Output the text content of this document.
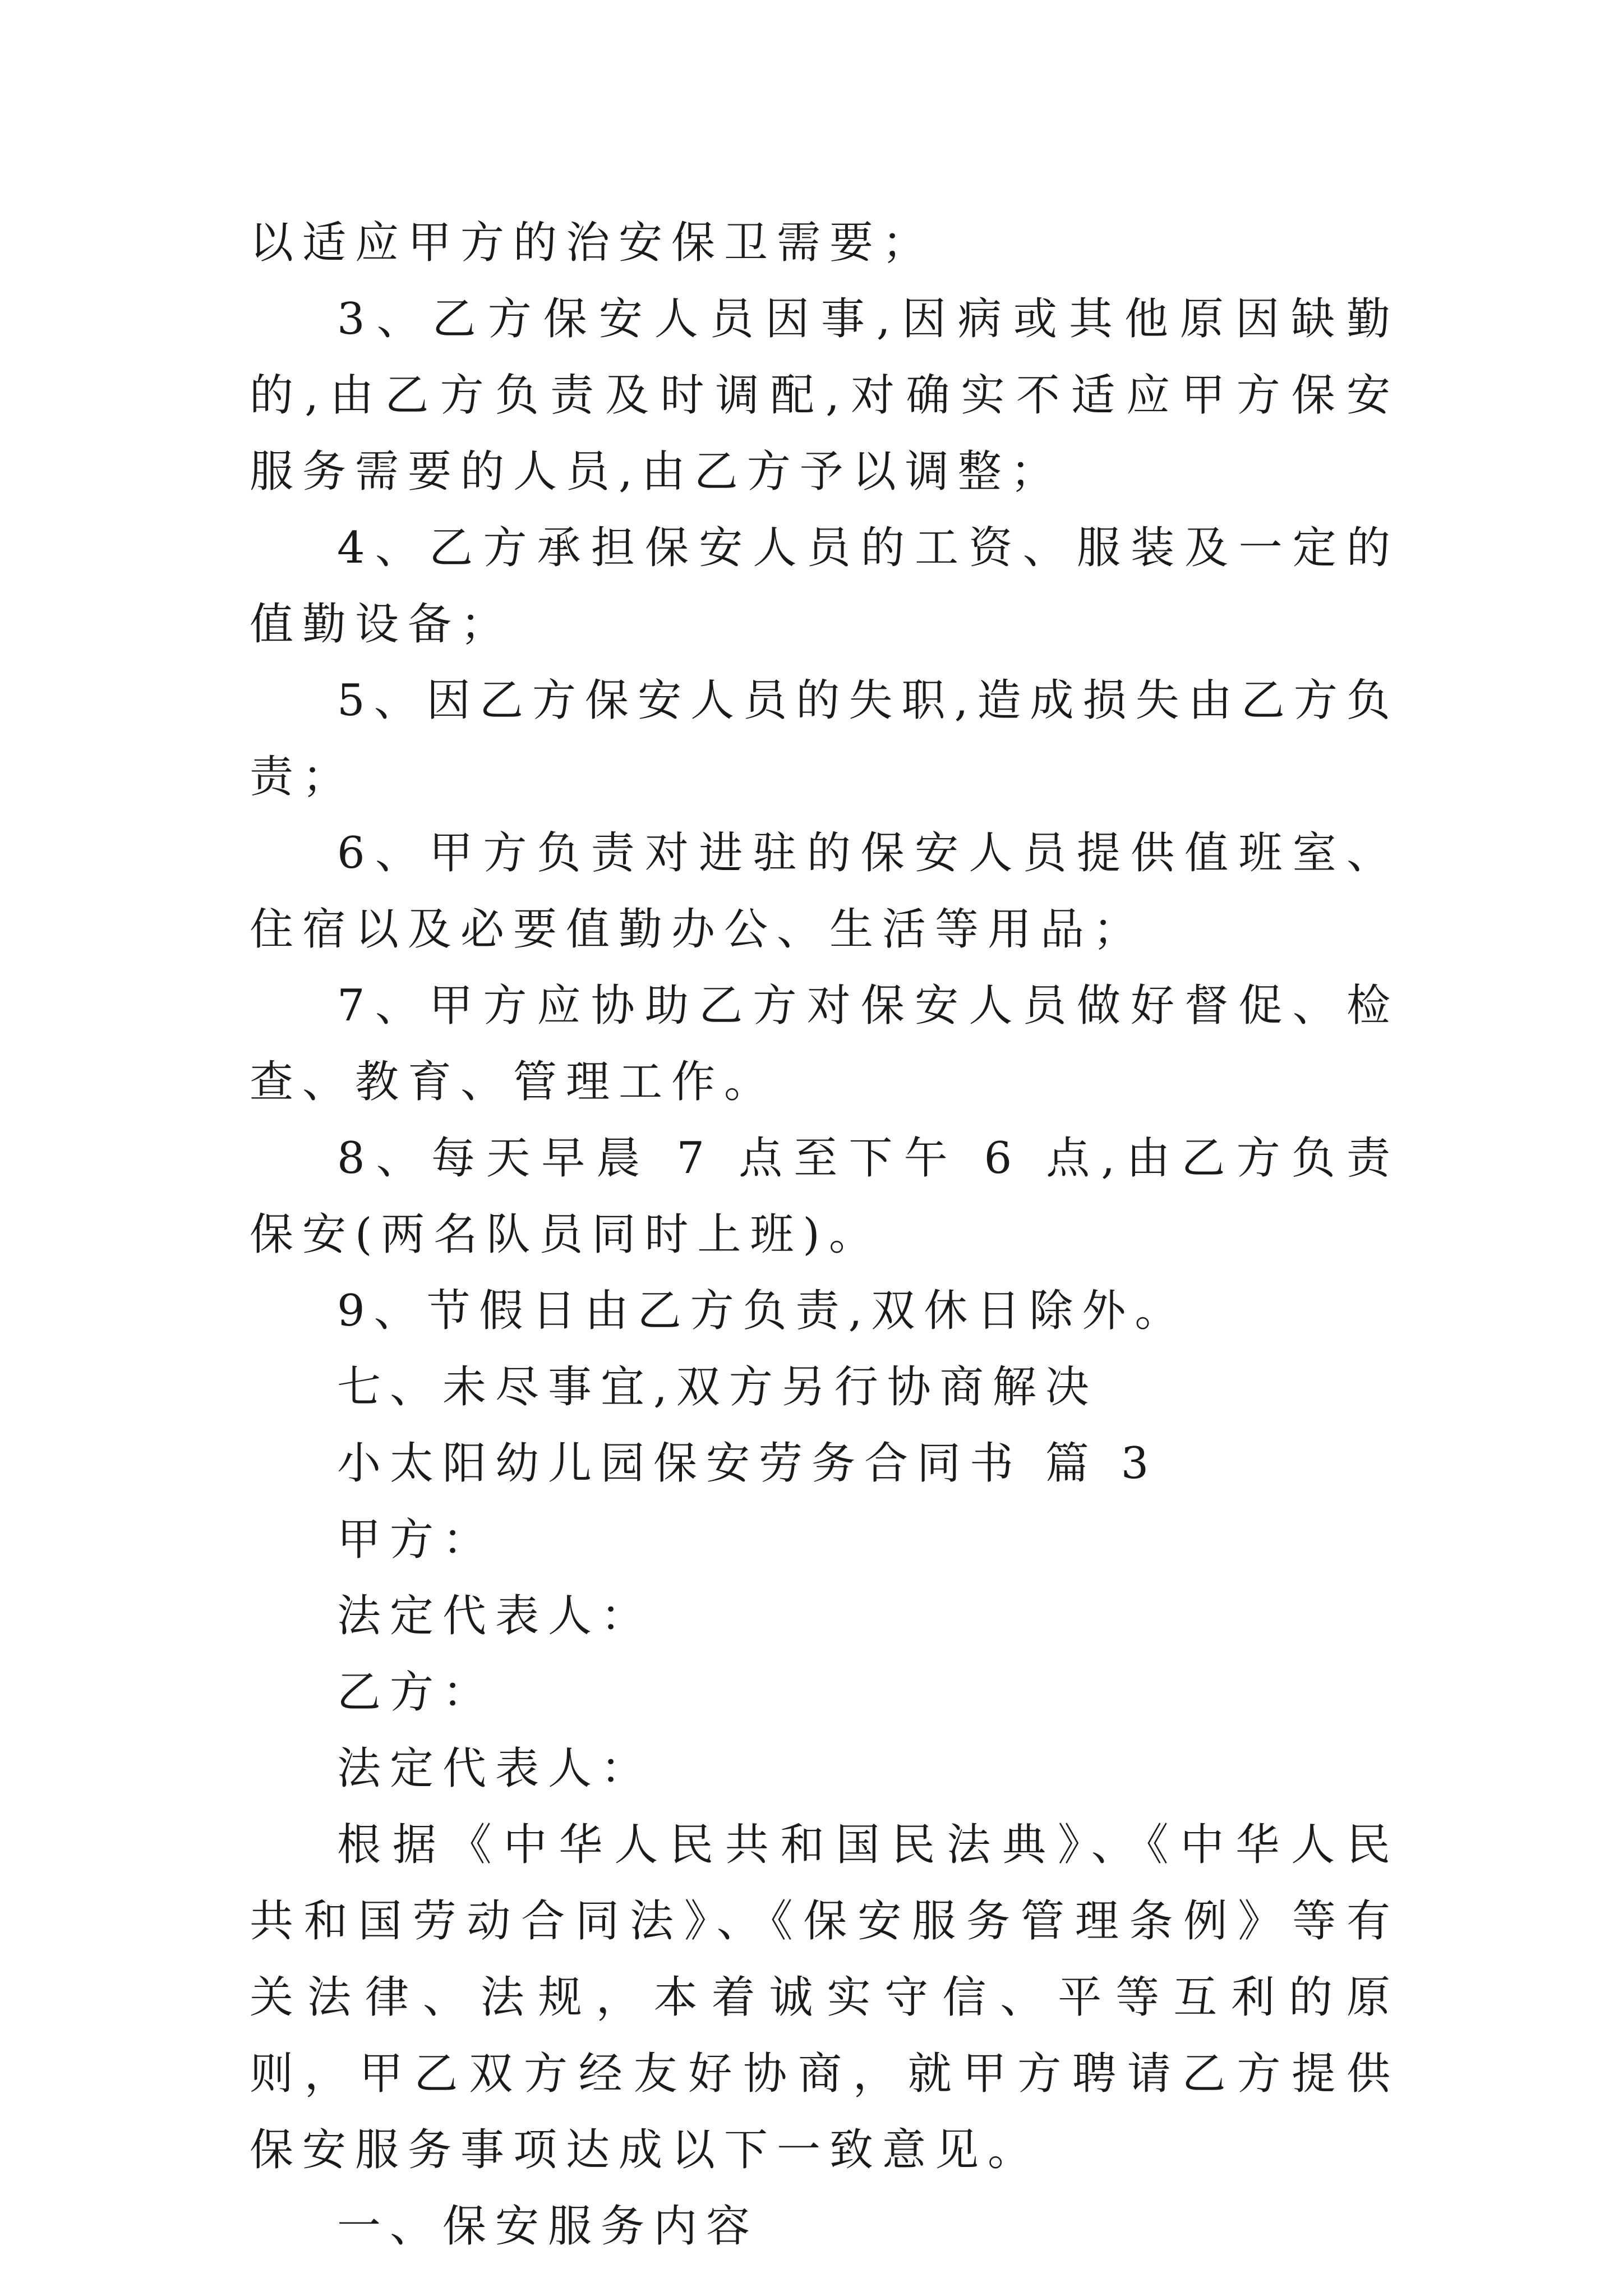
以适应甲方的治安保卫需要；

3、乙方保安人员因事,因病或其他原因缺勤的,由乙方负责及时调配,对确实不适应甲方保安服务需要的人员,由乙方予以调整；

4、乙方承担保安人员的工资、服装及一定的值勤设备；

5、因乙方保安人员的失职,造成损失由乙方负责；

6、甲方负责对进驻的保安人员提供值班室、住宿以及必要值勤办公、生活等用品；

7、甲方应协助乙方对保安人员做好督促、检查、教育、管理工作。

8、每天早晨 7 点至下午 6 点,由乙方负责保安(两名队员同时上班)。

9、节假日由乙方负责,双休日除外。

七、未尽事宜,双方另行协商解决

小太阳幼儿园保安劳务合同书 篇 3

甲方：

法定代表人：

乙方：

法定代表人：

根据《中华人民共和国民法典》、《中华人民共和国劳动合同法》、《保安服务管理条例》等有关法律、法规，本着诚实守信、平等互利的原则，甲乙双方经友好协商，就甲方聘请乙方提供保安服务事项达成以下一致意见。

一、保安服务内容
